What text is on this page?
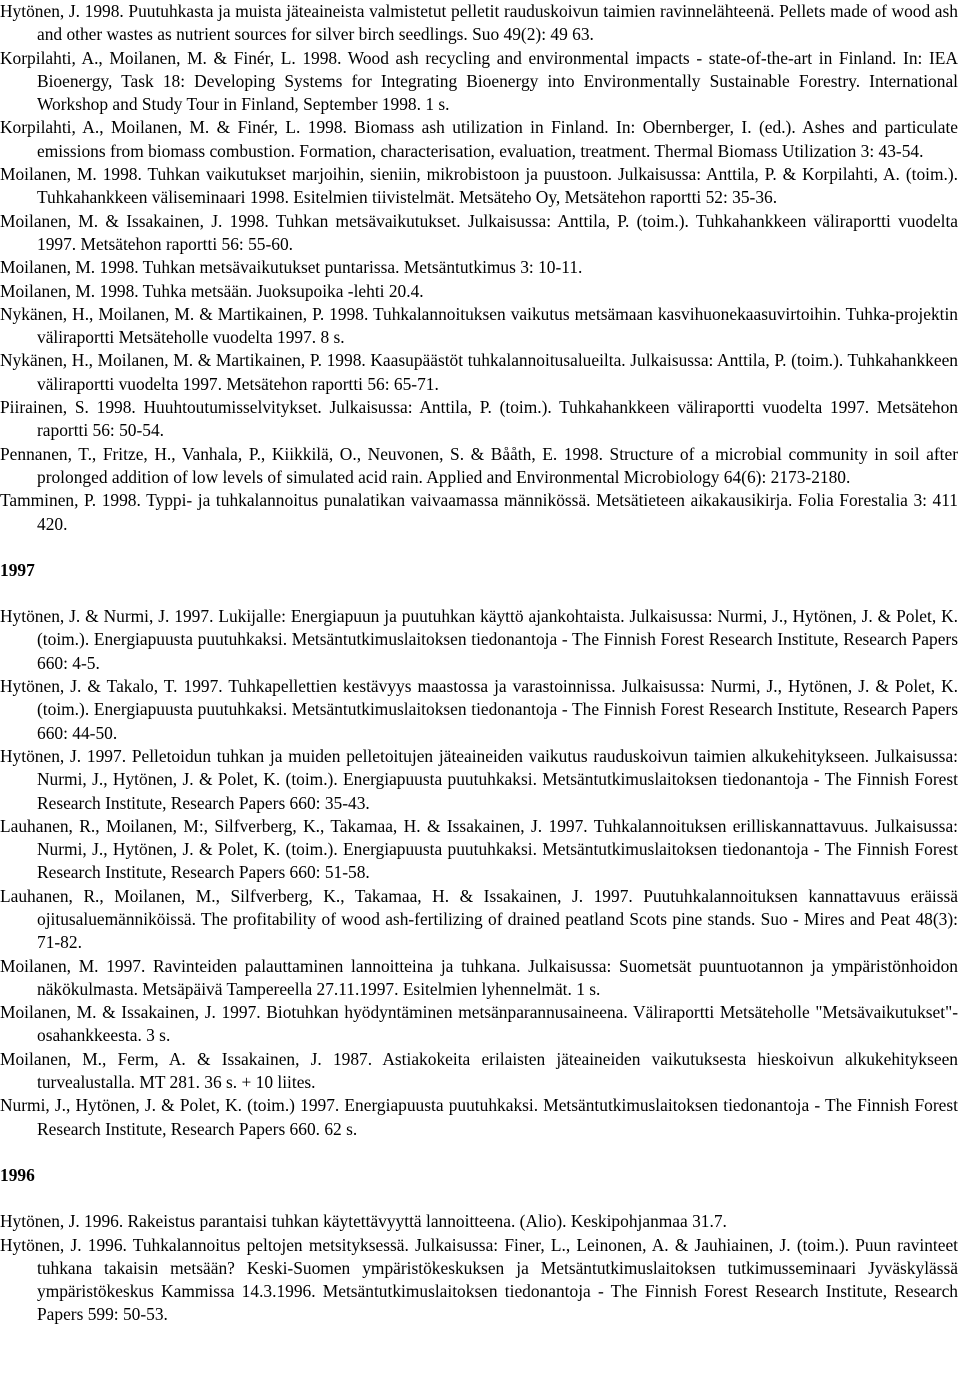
Hytönen, J. 1998. Puutuhkasta ja muista jäteaineista valmistetut pelletit rauduskoivun taimien ravinnelähteenä. Pellets made of wood ash and other wastes as nutrient sources for silver birch seedlings. Suo 49(2): 49 63.

Korpilahti, A., Moilanen, M. & Finér, L. 1998. Wood ash recycling and environmental impacts - state-of-the-art in Finland. In: IEA Bioenergy, Task 18: Developing Systems for Integrating Bioenergy into Environmentally Sustainable Forestry. International Workshop and Study Tour in Finland, September 1998. 1 s.

Korpilahti, A., Moilanen, M. & Finér, L. 1998. Biomass ash utilization in Finland. In: Obernberger, I. (ed.). Ashes and particulate emissions from biomass combustion. Formation, characterisation, evaluation, treatment. Thermal Biomass Utilization 3: 43-54.

Moilanen, M. 1998. Tuhkan vaikutukset marjoihin, sieniin, mikrobistoon ja puustoon. Julkaisussa: Anttila, P. & Korpilahti, A. (toim.). Tuhkahankkeen väliseminaari 1998. Esitelmien tiivistelmät. Metsäteho Oy, Metsätehon raportti 52: 35-36.

Moilanen, M. & Issakainen, J. 1998. Tuhkan metsävaikutukset. Julkaisussa: Anttila, P. (toim.). Tuhkahankkeen väliraportti vuodelta 1997. Metsätehon raportti 56: 55-60.

Moilanen, M. 1998. Tuhkan metsävaikutukset puntarissa. Metsäntutkimus 3: 10-11.

Moilanen, M. 1998. Tuhka metsään. Juoksupoika -lehti 20.4.

Nykänen, H., Moilanen, M. & Martikainen, P. 1998. Tuhkalannoituksen vaikutus metsämaan kasvihuonekaasuvirtoihin. Tuhka-projektin väliraportti Metsäteholle vuodelta 1997. 8 s.

Nykänen, H., Moilanen, M. & Martikainen, P. 1998. Kaasupäästöt tuhkalannoitusalueilta. Julkaisussa: Anttila, P. (toim.). Tuhkahankkeen väliraportti vuodelta 1997. Metsätehon raportti 56: 65-71.

Piirainen, S. 1998. Huuhtoutumisselvitykset. Julkaisussa: Anttila, P. (toim.). Tuhkahankkeen väliraportti vuodelta 1997. Metsätehon raportti 56: 50-54.

Pennanen, T., Fritze, H., Vanhala, P., Kiikkilä, O., Neuvonen, S. & Bååth, E. 1998. Structure of a microbial community in soil after prolonged addition of low levels of simulated acid rain. Applied and Environmental Microbiology 64(6): 2173-2180.

Tamminen, P. 1998. Typpi- ja tuhkalannoitus punalatikan vaivaamassa männikössä. Metsätieteen aikakausikirja. Folia Forestalia 3: 411 420.

1997

Hytönen, J. & Nurmi, J. 1997. Lukijalle: Energiapuun ja puutuhkan käyttö ajankohtaista. Julkaisussa: Nurmi, J., Hytönen, J. & Polet, K. (toim.). Energiapuusta puutuhkaksi. Metsäntutkimuslaitoksen tiedonantoja - The Finnish Forest Research Institute, Research Papers 660: 4-5.

Hytönen, J. & Takalo, T. 1997. Tuhkapellettien kestävyys maastossa ja varastoinnissa. Julkaisussa: Nurmi, J., Hytönen, J. & Polet, K. (toim.). Energiapuusta puutuhkaksi. Metsäntutkimuslaitoksen tiedonantoja - The Finnish Forest Research Institute, Research Papers 660: 44-50.

Hytönen, J. 1997. Pelletoidun tuhkan ja muiden pelletoitujen jäteaineiden vaikutus rauduskoivun taimien alkukehitykseen. Julkaisussa: Nurmi, J., Hytönen, J. & Polet, K. (toim.). Energiapuusta puutuhkaksi. Metsäntutkimuslaitoksen tiedonantoja - The Finnish Forest Research Institute, Research Papers 660: 35-43.

Lauhanen, R., Moilanen, M:, Silfverberg, K., Takamaa, H. & Issakainen, J. 1997. Tuhkalannoituksen erilliskannattavuus. Julkaisussa: Nurmi, J., Hytönen, J. & Polet, K. (toim.). Energiapuusta puutuhkaksi. Metsäntutkimuslaitoksen tiedonantoja - The Finnish Forest Research Institute, Research Papers 660: 51-58.

Lauhanen, R., Moilanen, M., Silfverberg, K., Takamaa, H. & Issakainen, J. 1997. Puutuhkalannoituksen kannattavuus eräissä ojitusaluemänniköissä. The profitability of wood ash-fertilizing of drained peatland Scots pine stands. Suo - Mires and Peat 48(3): 71-82.

Moilanen, M. 1997. Ravinteiden palauttaminen lannoitteina ja tuhkana. Julkaisussa: Suometsät puuntuotannon ja ympäristönhoidon näkökulmasta. Metsäpäivä Tampereella 27.11.1997. Esitelmien lyhennelmät. 1 s.

Moilanen, M. & Issakainen, J. 1997. Biotuhkan hyödyntäminen metsänparannusaineena. Väliraportti Metsäteholle "Metsävaikutukset"-osahankkeesta. 3 s.

Moilanen, M., Ferm, A. & Issakainen, J. 1987. Astiakokeita erilaisten jäteaineiden vaikutuksesta hieskoivun alkukehitykseen turvealustalla. MT 281. 36 s. + 10 liites.

Nurmi, J., Hytönen, J. & Polet, K. (toim.) 1997. Energiapuusta puutuhkaksi. Metsäntutkimuslaitoksen tiedonantoja - The Finnish Forest Research Institute, Research Papers 660. 62 s.

1996

Hytönen, J. 1996. Rakeistus parantaisi tuhkan käytettävyyttä lannoitteena. (Alio). Keskipohjanmaa 31.7.

Hytönen, J. 1996. Tuhkalannoitus peltojen metsityksessä. Julkaisussa: Finer, L., Leinonen, A. & Jauhiainen, J. (toim.). Puun ravinteet tuhkana takaisin metsään? Keski-Suomen ympäristökeskuksen ja Metsäntutkimuslaitoksen tutkimusseminaari Jyväskylässä ympäristökeskus Kammissa 14.3.1996. Metsäntutkimuslaitoksen tiedonantoja - The Finnish Forest Research Institute, Research Papers 599: 50-53.
